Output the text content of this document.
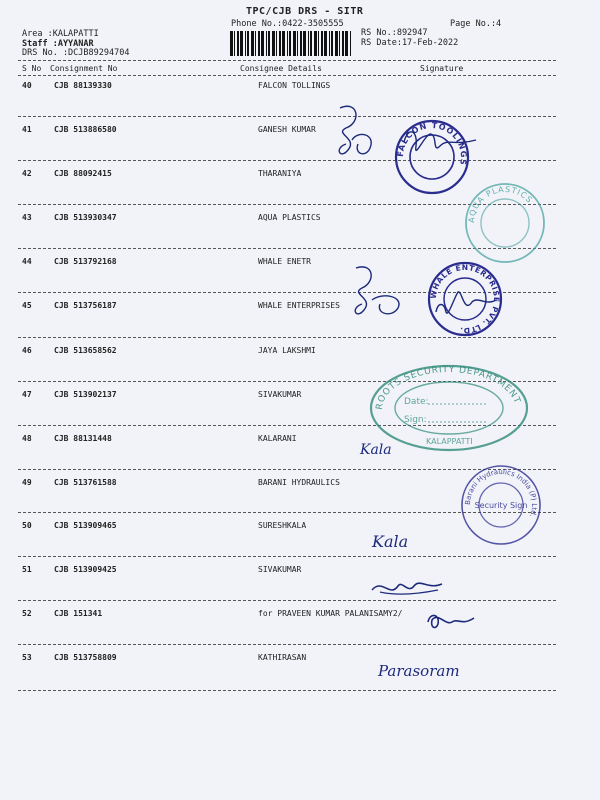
TPC/CJB DRS - SITR
Phone No.:0422-3505555	Page No.:4
RS No.:892947
RS Date:17-Feb-2022
Area :KALAPATTI
Staff :AYYANAR
DRS No. :DCJB89294704
S No Consignment No	Consignee Details	Signature
40	CJB 88139330	FALCON TOLLINGS
41	CJB 513886580	GANESH KUMAR
42	CJB 88092415	THARANIYA
43	CJB 513930347	AQUA PLASTICS
44	CJB 513792168	WHALE ENETR
45	CJB 513756187	WHALE ENTERPRISES
46	CJB 513658562	JAYA LAKSHMI
47	CJB 513902137	SIVAKUMAR
48	CJB 88131448	KALARANI
49	CJB 513761588	BARANI HYDRAULICS
50	CJB 513909465	SURESHKALA
51	CJB 513909425	SIVAKUMAR
52	CJB 151341	for PRAVEEN KUMAR PALANISAMY2/
53	CJB 513758809	KATHIRASAN
FALCON TOOLINGS
AQUA PLASTICS
WHALE ENTERPRISE PVT. LTD.
ROOTS SECURITY DEPARTMENT
Date:
Sign:
KALAPPATTI
Barani Hydraulics India (P) Ltd.
Security Sign
Kala
Kala
Parasoram
